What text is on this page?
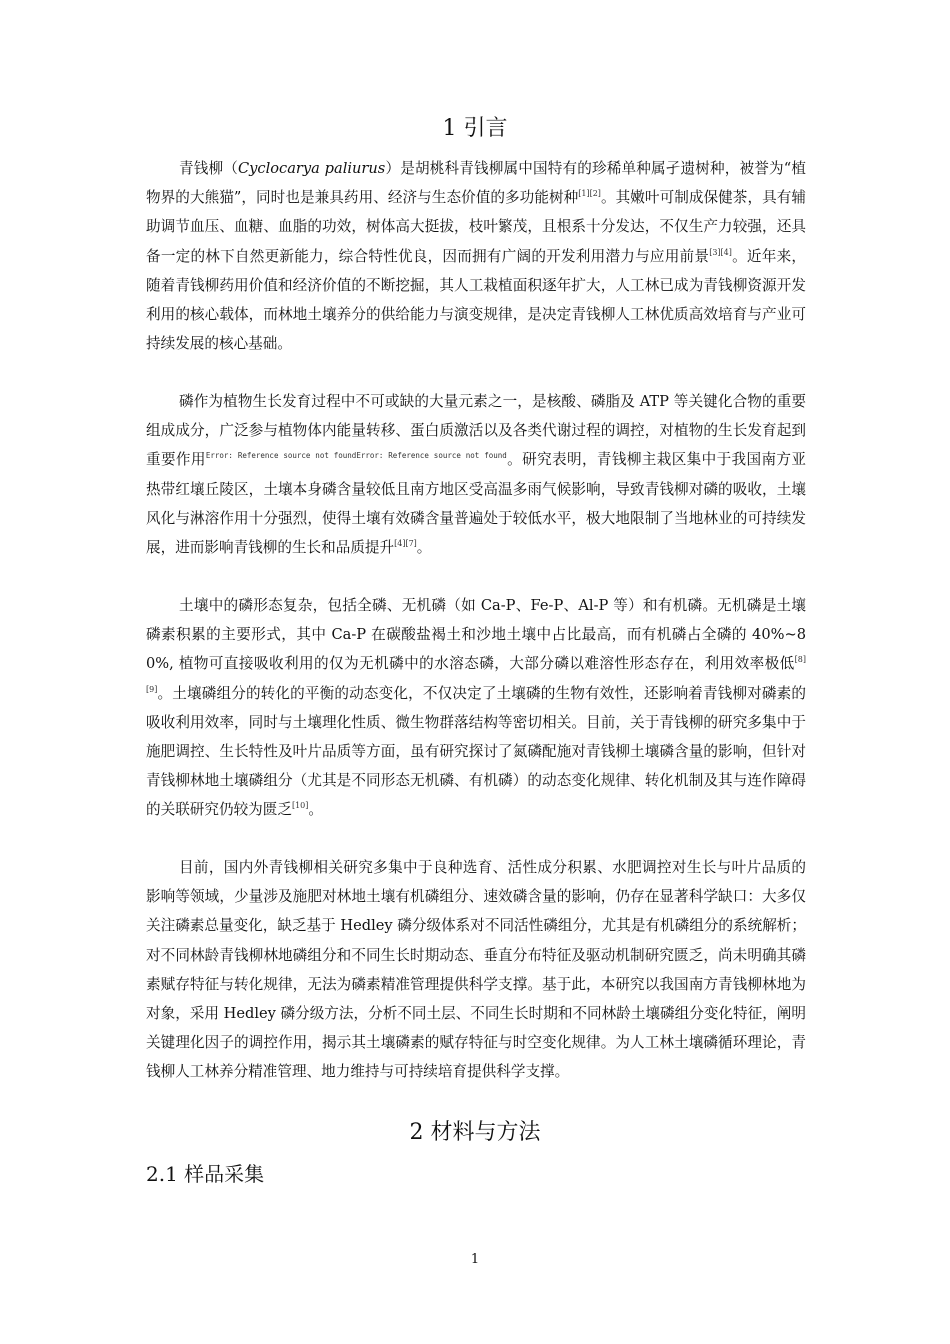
1 引言
青钱柳（Cyclocarya paliurus）是胡桃科青钱柳属中国特有的珍稀单种属孑遗树种，被誉为“植物界的大熊猫”，同时也是兼具药用、经济与生态价值的多功能树种[1][2]。其嫩叶可制成保健茶，具有辅助调节血压、血糖、血脂的功效，树体高大挺拔，枝叶繁茂，且根系十分发达，不仅生产力较强，还具备一定的林下自然更新能力，综合特性优良，因而拥有广阔的开发利用潜力与应用前景[3][4]。近年来，随着青钱柳药用价值和经济价值的不断挖掘，其人工栽植面积逐年扩大，人工林已成为青钱柳资源开发利用的核心载体，而林地土壤养分的供给能力与演变规律，是决定青钱柳人工林优质高效培育与产业可持续发展的核心基础。
磷作为植物生长发育过程中不可或缺的大量元素之一，是核酸、磷脂及 ATP 等关键化合物的重要组成成分，广泛参与植物体内能量转移、蛋白质激活以及各类代谢过程的调控，对植物的生长发育起到重要作用$^{Error: Reference source not foundError: Reference source not found}$。研究表明，青钱柳主栽区集中于我国南方亚热带红壤丘陵区，土壤本身磷含量较低且南方地区受高温多雨气候影响，导致青钱柳对磷的吸收，土壤风化与淋溶作用十分强烈，使得土壤有效磷含量普遍处于较低水平，极大地限制了当地林业的可持续发展，进而影响青钱柳的生长和品质提升[4][7]。
土壤中的磷形态复杂，包括全磷、无机磷（如 Ca-P、Fe-P、Al-P 等）和有机磷。无机磷是土壤磷素积累的主要形式，其中 Ca-P 在碳酸盐褐土和沙地土壤中占比最高，而有机磷占全磷的 40%~80%, 植物可直接吸收利用的仅为无机磷中的水溶态磷，大部分磷以难溶性形态存在，利用效率极低[8][9]。土壤磷组分的转化的平衡的动态变化，不仅决定了土壤磷的生物有效性，还影响着青钱柳对磷素的吸收利用效率，同时与土壤理化性质、微生物群落结构等密切相关。目前，关于青钱柳的研究多集中于施肥调控、生长特性及叶片品质等方面，虽有研究探讨了氮磷配施对青钱柳土壤磷含量的影响，但针对青钱柳林地土壤磷组分（尤其是不同形态无机磷、有机磷）的动态变化规律、转化机制及其与连作障碍的关联研究仍较为匮乏[10]。
目前，国内外青钱柳相关研究多集中于良种选育、活性成分积累、水肥调控对生长与叶片品质的影响等领域，少量涉及施肥对林地土壤有机磷组分、速效磷含量的影响，仍存在显著科学缺口：大多仅关注磷素总量变化，缺乏基于 Hedley 磷分级体系对不同活性磷组分，尤其是有机磷组分的系统解析；对不同林龄青钱柳林地磷组分和不同生长时期动态、垂直分布特征及驱动机制研究匮乏，尚未明确其磷素赋存特征与转化规律，无法为磷素精准管理提供科学支撑。基于此，本研究以我国南方青钱柳林地为对象，采用 Hedley 磷分级方法，分析不同土层、不同生长时期和不同林龄土壤磷组分变化特征，阐明关键理化因子的调控作用，揭示其土壤磷素的赋存特征与时空变化规律。为人工林土壤磷循环理论，青钱柳人工林养分精准管理、地力维持与可持续培育提供科学支撑。
2 材料与方法
2.1 样品采集
1
